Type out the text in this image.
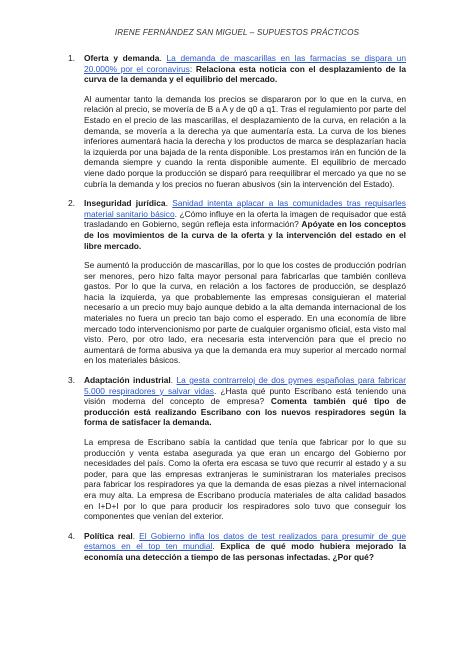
IRENE FERNÁNDEZ SAN MIGUEL – SUPUESTOS PRÁCTICOS
1. Oferta y demanda. La demanda de mascarillas en las farmacias se dispara un 20.000% por el coronavirus: Relaciona esta noticia con el desplazamiento de la curva de la demanda y el equilibrio del mercado.

Al aumentar tanto la demanda los precios se dispararon por lo que en la curva, en relación al precio, se movería de B a A y de q0 a q1. Tras el regulamiento por parte del Estado en el precio de las mascarillas, el desplazamiento de la curva, en relación a la demanda, se movería a la derecha ya que aumentaría esta. La curva de los bienes inferiores aumentará hacia la derecha y los productos de marca se desplazarían hacia la izquierda por una bajada de la renta disponible. Los prestamos irán en función de la demanda siempre y cuando la renta disponible aumente. El equilibrio de mercado viene dado porque la producción se disparó para reequilibrar el mercado ya que no se cubría la demanda y los precios no fueran abusivos (sin la intervención del Estado).

2. Inseguridad jurídica. Sanidad intenta aplacar a las comunidades tras requisarles material sanitario básico. ¿Cómo influye en la oferta la imagen de requisador que está trasladando en Gobierno, según refleja esta información? Apóyate en los conceptos de los movimientos de la curva de la oferta y la intervención del estado en el libre mercado.

Se aumentó la producción de mascarillas, por lo que los costes de producción podrían ser menores, pero hizo falta mayor personal para fabricarlas que también conlleva gastos. Por lo que la curva, en relación a los factores de producción, se desplazó hacia la izquierda, ya que probablemente las empresas consiguieran el material necesario a un precio muy bajo aunque debido a la alta demanda internacional de los materiales no fuera un precio tan bajo como el esperado. En una economía de libre mercado todo intervencionismo por parte de cualquier organismo oficial, esta visto mal visto. Pero, por otro lado, era necesaria esta intervención para que el precio no aumentará de forma abusiva ya que la demanda era muy superior al mercado normal en los materiales básicos.

3. Adaptación industrial. La gesta contrarreloj de dos pymes españolas para fabricar 5.000 respiradores y salvar vidas. ¿Hasta qué punto Escribano está teniendo una visión moderna del concepto de empresa? Comenta también qué tipo de producción está realizando Escribano con los nuevos respiradores según la forma de satisfacer la demanda.

La empresa de Escribano sabía la cantidad que tenía que fabricar por lo que su producción y venta estaba asegurada ya que eran un encargo del Gobierno por necesidades del país. Como la oferta era escasa se tuvo que recurrir al estado y a su poder, para que las empresas extranjeras le suministraran los materiales precisos para fabricar los respiradores ya que la demanda de esas piezas a nivel internacional era muy alta. La empresa de Escribano producía materiales de alta calidad basados en I+D+I por lo que para producir los respiradores solo tuvo que conseguir los componentes que venían del exterior.

4. Política real. El Gobierno infla los datos de test realizados para presumir de que estamos en el top ten mundial. Explica de qué modo hubiera mejorado la economía una detección a tiempo de las personas infectadas. ¿Por qué?
